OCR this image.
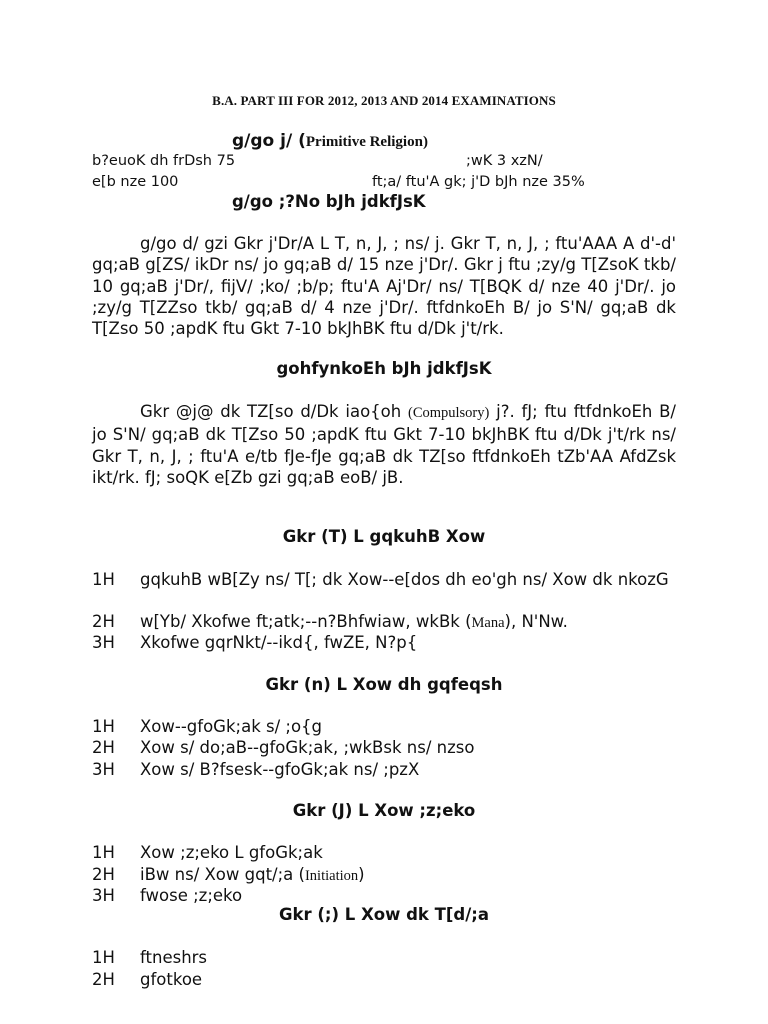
B.A. PART III FOR 2012, 2013 AND 2014 EXAMINATIONS
g/go j/ (Primitive Religion)
b?euoK dh frDsh 75	;wK 3 xzN/
e[b nze 100	ft;a/ ftu'A gk; j'D bJh nze 35%
g/go ;?No bJh jdkfJsK
g/go d/ gzi Gkr j'Dr/A L T, n, J, ; ns/ j. Gkr T, n, J, ; ftu'AAA A d'-d' gq;aB g[ZS/ ikDr ns/ jo gq;aB d/ 15 nze j'Dr/. Gkr j ftu ;zy/g T[ZsoK tkb/ 10 gq;aB j'Dr/, fijV/ ;ko/ ;b/p; ftu'A Aj'Dr/ ns/ T[BQK d/ nze 40 j'Dr/. jo ;zy/g T[ZZso tkb/ gq;aB d/ 4 nze j'Dr/. ftfdnkoEh B/ jo S'N/ gq;aB dk T[Zso 50 ;apdK ftu Gkt 7-10 bkJhBK ftu d/Dk j't/rk.
gohfynkoEh bJh jdkfJsK
Gkr @j@ dk TZ[so d/Dk iao{oh (Compulsory) j?. fJ; ftu ftfdnkoEh B/ jo S'N/ gq;aB dk T[Zso 50 ;apdK ftu Gkt 7-10 bkJhBK ftu d/Dk j't/rk ns/ Gkr T, n, J, ; ftu'A e/tb fJe-fJe gq;aB dk TZ[so ftfdnkoEh tZb'AA AfdZsk ikt/rk. fJ; soQK e[Zb gzi gq;aB eoB/ jB.
Gkr (T) L gqkuhB Xow
1H gqkuhB wB[Zy ns/ T[; dk Xow--e[dos dh eo'gh ns/ Xow dk nkozG
2H w[Yb/ Xkofwe ft;atk;--n?Bhfwiaw, wkBk (Mana), N'Nw.
3H Xkofwe gqrNkt/--ikd{, fwZE, N?p{
Gkr (n) L Xow dh gqfeqsh
1H Xow--gfoGk;ak s/ ;o{g
2H Xow s/ do;aB--gfoGk;ak, ;wkBsk ns/ nzso
3H Xow s/ B?fsesk--gfoGk;ak ns/ ;pzX
Gkr (J) L Xow ;z;eko
1H Xow ;z;eko L gfoGk;ak
2H iBw ns/ Xow gqt/;a (Initiation)
3H fwose ;z;eko
Gkr (;) L Xow dk T[d/;a
1H ftneshrs
2H gfotkoe
